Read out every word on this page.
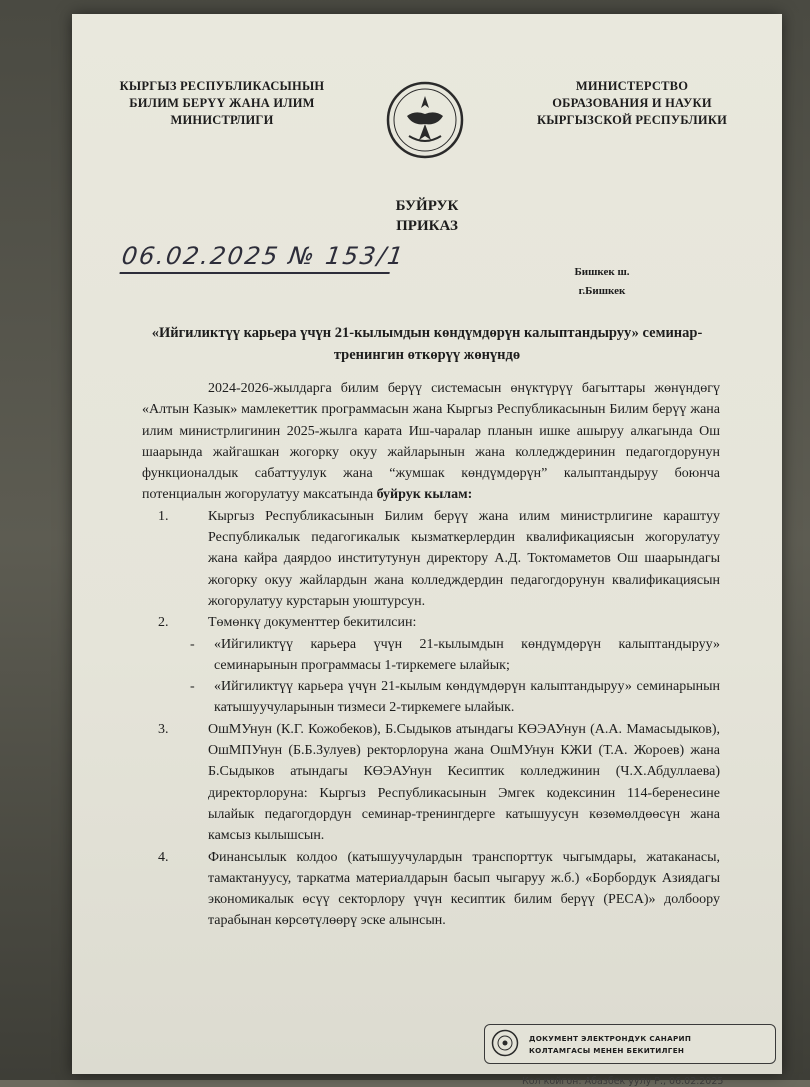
КЫРГЫЗ РЕСПУБЛИКАСЫНЫН
БИЛИМ БЕРҮҮ ЖАНА ИЛИМ
МИНИСТРЛИГИ
МИНИСТЕРСТВО
ОБРАЗОВАНИЯ И НАУКИ
КЫРГЫЗСКОЙ РЕСПУБЛИКИ
БУЙРУК
ПРИКАЗ
06.02.2025 № 153/1
Бишкек ш.
г.Бишкек
«Ийгиликтүү карьера үчүн 21-кылымдын көндүмдөрүн калыптандыруу» семинар-тренингин өткөрүү жөнүндө

2024-2026-жылдарга билим берүү системасын өнүктүрүү багыттары жөнүндөгү «Алтын Казык» мамлекеттик программасын жана Кыргыз Республикасынын Билим берүү жана илим министрлигинин 2025-жылга карата Иш-чаралар планын ишке ашыруу алкагында Ош шаарында жайгашкан жогорку окуу жайларынын жана колледждеринин педагогдорунун функционалдык сабаттуулук жана “жумшак көндүмдөрүн” калыптандыруу боюнча потенциалын жогорулатуу максатында буйрук кылам:

1.	Кыргыз Республикасынын Билим берүү жана илим министрлигине караштуу Республикалык педагогикалык кызматкерлердин квалификациясын жогорулатуу жана кайра даярдоо институтунун директору А.Д. Токтомаметов Ош шаарындагы жогорку окуу жайлардын жана колледждердин педагогдорунун квалификациясын жогорулатуу курстарын уюштурсун.

2.	Төмөнкү документтер бекитилсин:

- «Ийгиликтүү карьера үчүн 21-кылымдын көндүмдөрүн калыптандыруу» семинарынын программасы 1-тиркемеге ылайык;

- «Ийгиликтүү карьера үчүн 21-кылым көндүмдөрүн калыптандыруу» семинарынын катышуучуларынын тизмеси 2-тиркемеге ылайык.

3.	ОшМУнун (К.Г. Кожобеков), Б.Сыдыков атындагы КӨЭАУнун (А.А. Мамасыдыков), ОшМПУнун (Б.Б.Зулуев) ректорлоруна жана ОшМУнун КЖИ (Т.А. Жороев) жана Б.Сыдыков атындагы КӨЭАУнун Кесиптик колледжинин (Ч.Х.Абдуллаева) директорлоруна: Кыргыз Республикасынын Эмгек кодексинин 114-беренесине ылайык педагогдордун семинар-тренингдерге катышуусун көзөмөлдөөсүн жана камсыз кылышсын.

4.	Финансылык колдоо (катышуучулардын транспорттук чыгымдары, жатаканасы, тамактануусу, таркатма материалдарын басып чыгаруу ж.б.) «Борбордук Азиядагы экономикалык өсүү секторлору үчүн кесиптик билим берүү (PECA)» долбоору тарабынан көрсөтүлөөрү эске алынсын.

ДОКУМЕНТ ЭЛЕКТРОНДУК САНАРИП
КОЛТАМГАСЫ МЕНЕН БЕКИТИЛГЕН
Кол койгон: Абазбек уулу Р., 06.02.2025
